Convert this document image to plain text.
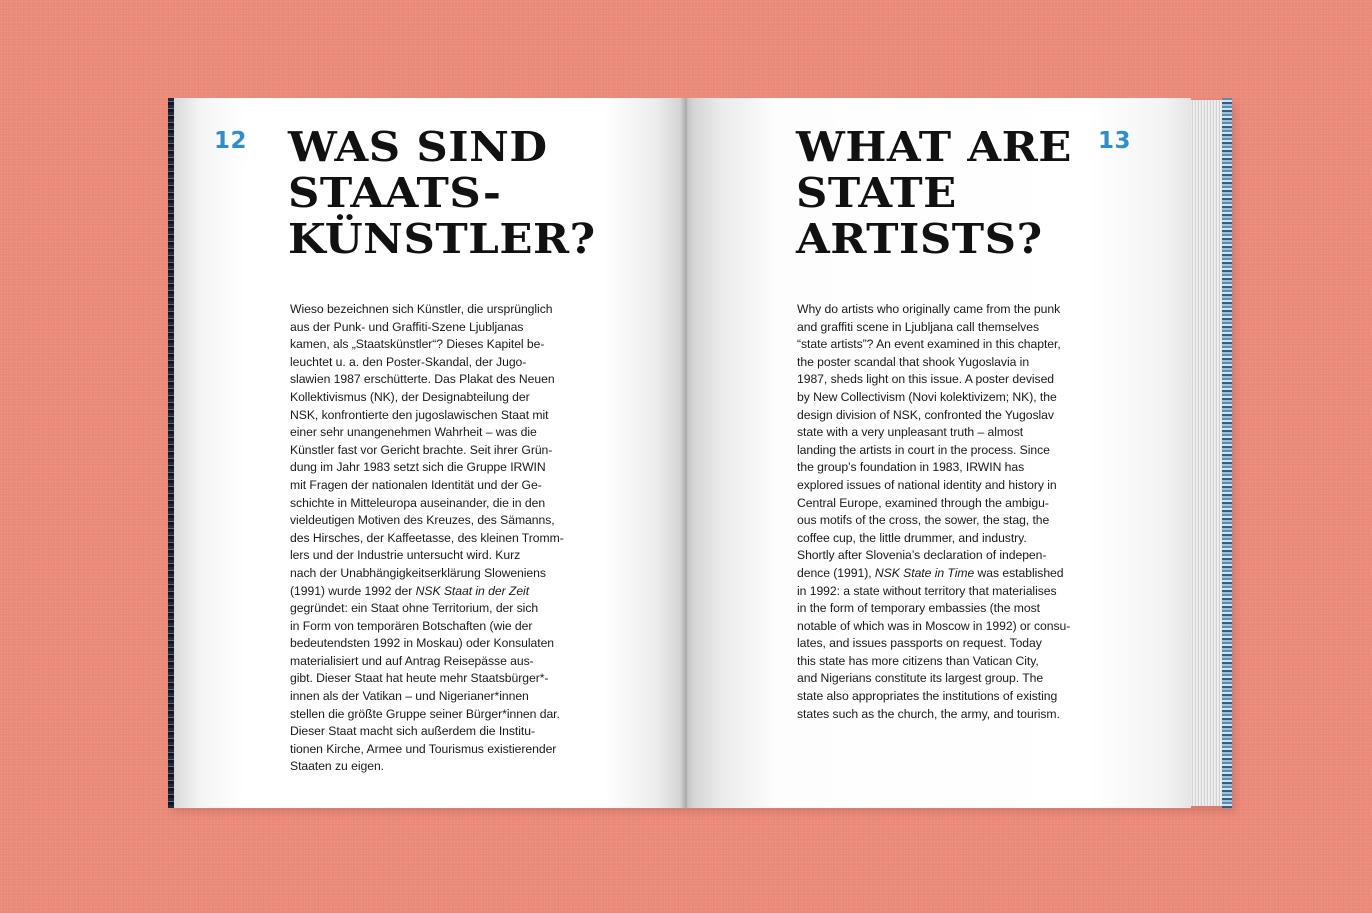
12 WAS SIND
STAATS-
KÜNSTLER?
Wieso bezeichnen sich Künstler, die ursprünglich
aus der Punk- und Graffiti-Szene Ljubljanas
kamen, als „Staatskünstler“? Dieses Kapitel be-
leuchtet u. a. den Poster-Skandal, der Jugo-
slawien 1987 erschütterte. Das Plakat des Neuen
Kollektivismus (NK), der Designabteilung der
NSK, konfrontierte den jugoslawischen Staat mit
einer sehr unangenehmen Wahrheit – was die
Künstler fast vor Gericht brachte. Seit ihrer Grün-
dung im Jahr 1983 setzt sich die Gruppe IRWIN
mit Fragen der nationalen Identität und der Ge-
schichte in Mitteleuropa auseinander, die in den
vieldeutigen Motiven des Kreuzes, des Sämanns,
des Hirsches, der Kaffeetasse, des kleinen Tromm-
lers und der Industrie untersucht wird. Kurz
nach der Unabhängigkeitserklärung Sloweniens
(1991) wurde 1992 der NSK Staat in der Zeit
gegründet: ein Staat ohne Territorium, der sich
in Form von temporären Botschaften (wie der
bedeutendsten 1992 in Moskau) oder Konsulaten
materialisiert und auf Antrag Reisepässe aus-
gibt. Dieser Staat hat heute mehr Staatsbürger*-
innen als der Vatikan – und Nigerianer*innen
stellen die größte Gruppe seiner Bürger*innen dar.
Dieser Staat macht sich außerdem die Institu-
tionen Kirche, Armee und Tourismus existierender
Staaten zu eigen.
WHAT ARE
STATE
ARTISTS?
13
Why do artists who originally came from the punk
and graffiti scene in Ljubljana call themselves
“state artists”? An event examined in this chapter,
the poster scandal that shook Yugoslavia in
1987, sheds light on this issue. A poster devised
by New Collectivism (Novi kolektivizem; NK), the
design division of NSK, confronted the Yugoslav
state with a very unpleasant truth – almost
landing the artists in court in the process. Since
the group’s foundation in 1983, IRWIN has
explored issues of national identity and history in
Central Europe, examined through the ambigu-
ous motifs of the cross, the sower, the stag, the
coffee cup, the little drummer, and industry.
Shortly after Slovenia’s declaration of indepen-
dence (1991), NSK State in Time was established
in 1992: a state without territory that materialises
in the form of temporary embassies (the most
notable of which was in Moscow in 1992) or consu-
lates, and issues passports on request. Today
this state has more citizens than Vatican City,
and Nigerians constitute its largest group. The
state also appropriates the institutions of existing
states such as the church, the army, and tourism.
